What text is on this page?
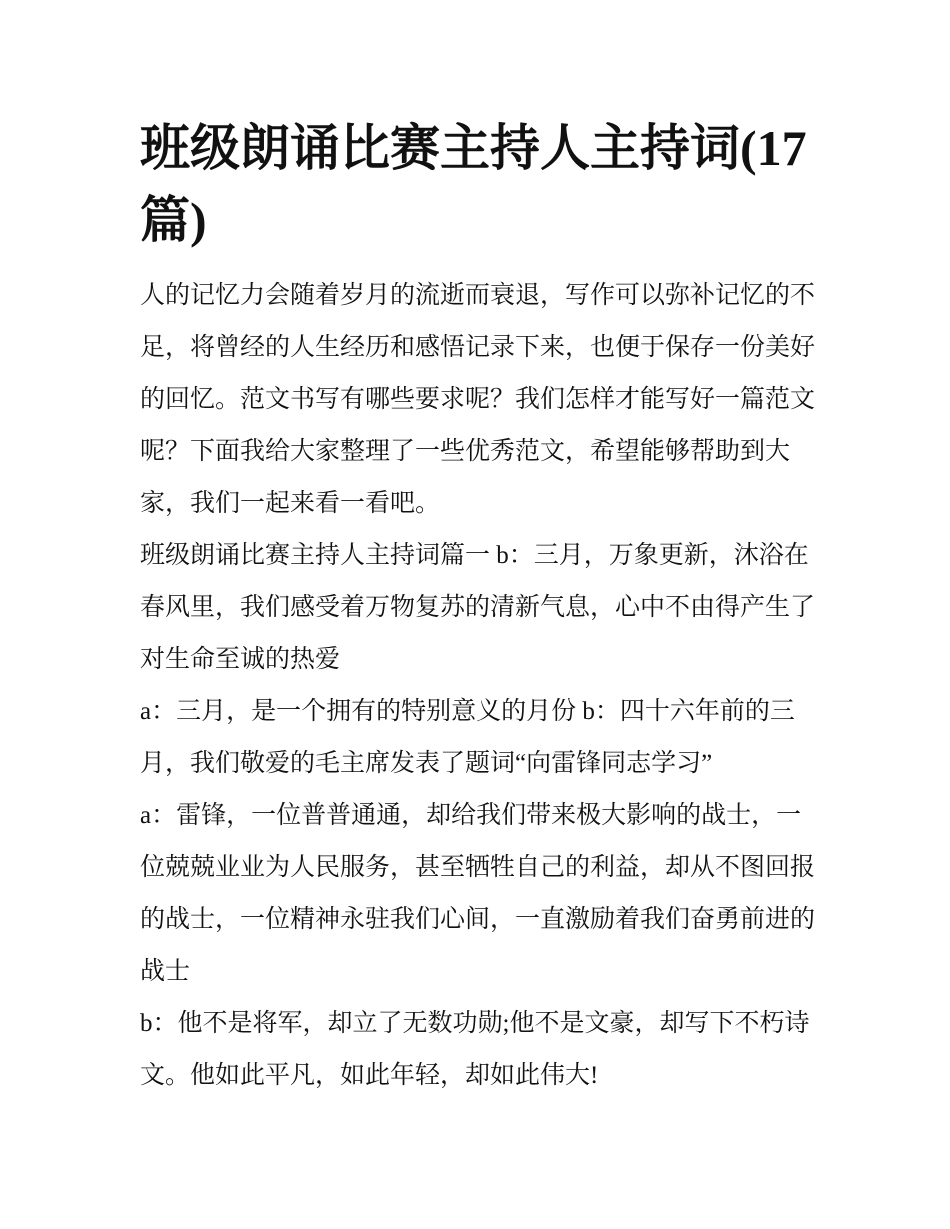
班级朗诵比赛主持人主持词(17篇)

人的记忆力会随着岁月的流逝而衰退，写作可以弥补记忆的不足，将曾经的人生经历和感悟记录下来，也便于保存一份美好的回忆。范文书写有哪些要求呢？我们怎样才能写好一篇范文呢？下面我给大家整理了一些优秀范文，希望能够帮助到大家，我们一起来看一看吧。

班级朗诵比赛主持人主持词篇一 b：三月，万象更新，沐浴在春风里，我们感受着万物复苏的清新气息，心中不由得产生了对生命至诚的热爱

a：三月，是一个拥有的特别意义的月份 b：四十六年前的三月，我们敬爱的毛主席发表了题词“向雷锋同志学习”

a：雷锋，一位普普通通，却给我们带来极大影响的战士，一位兢兢业业为人民服务，甚至牺牲自己的利益，却从不图回报的战士，一位精神永驻我们心间，一直激励着我们奋勇前进的战士

b：他不是将军，却立了无数功勋;他不是文豪，却写下不朽诗文。他如此平凡，如此年轻，却如此伟大!
